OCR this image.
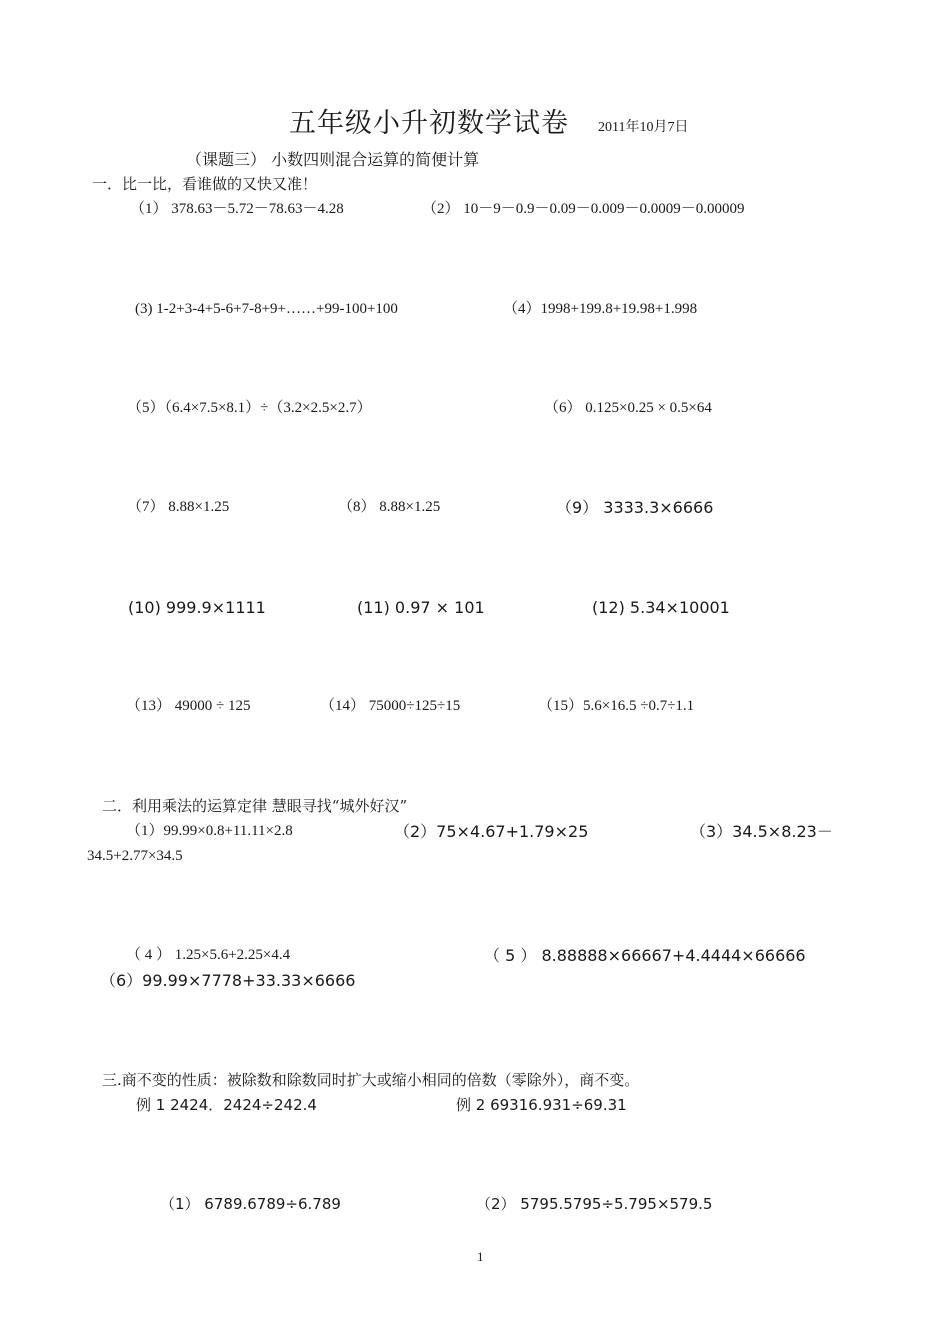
五年级小升初数学试卷 2011年10月7日
（课题三） 小数四则混合运算的简便计算
一．比一比，看谁做的又快又准！
（1） 378.63－5.72－78.63－4.28	（2） 10－9－0.9－0.09－0.009－0.0009－0.00009
(3) 1-2+3-4+5-6+7-8+9+……+99-100+100	（4）1998+199.8+19.98+1.998
（5）（6.4×7.5×8.1）÷（3.2×2.5×2.7）	（6） 0.125×0.25 × 0.5×64
（7） 8.88×1.25	（8） 8.88×1.25	（9） 3333.3×6666
(10) 999.9×1111	(11) 0.97 × 101	(12) 5.34×10001
（13） 49000 ÷ 125	（14） 75000÷125÷15	（15）5.6×16.5 ÷0.7÷1.1
二．利用乘法的运算定律 慧眼寻找“城外好汉”
（1）99.99×0.8+11.11×2.8	（2）75×4.67+1.79×25	（3）34.5×8.23－
34.5+2.77×34.5
（ 4 ） 1.25×5.6+2.25×4.4	（ 5 ） 8.88888×66667+4.4444×66666
（6）99.99×7778+33.33×6666
三.商不变的性质：被除数和除数同时扩大或缩小相同的倍数（零除外），商不变。
例 1 2424．2424÷242.4	例 2 69316.931÷69.31
（1） 6789.6789÷6.789	（2） 5795.5795÷5.795×579.5
1
